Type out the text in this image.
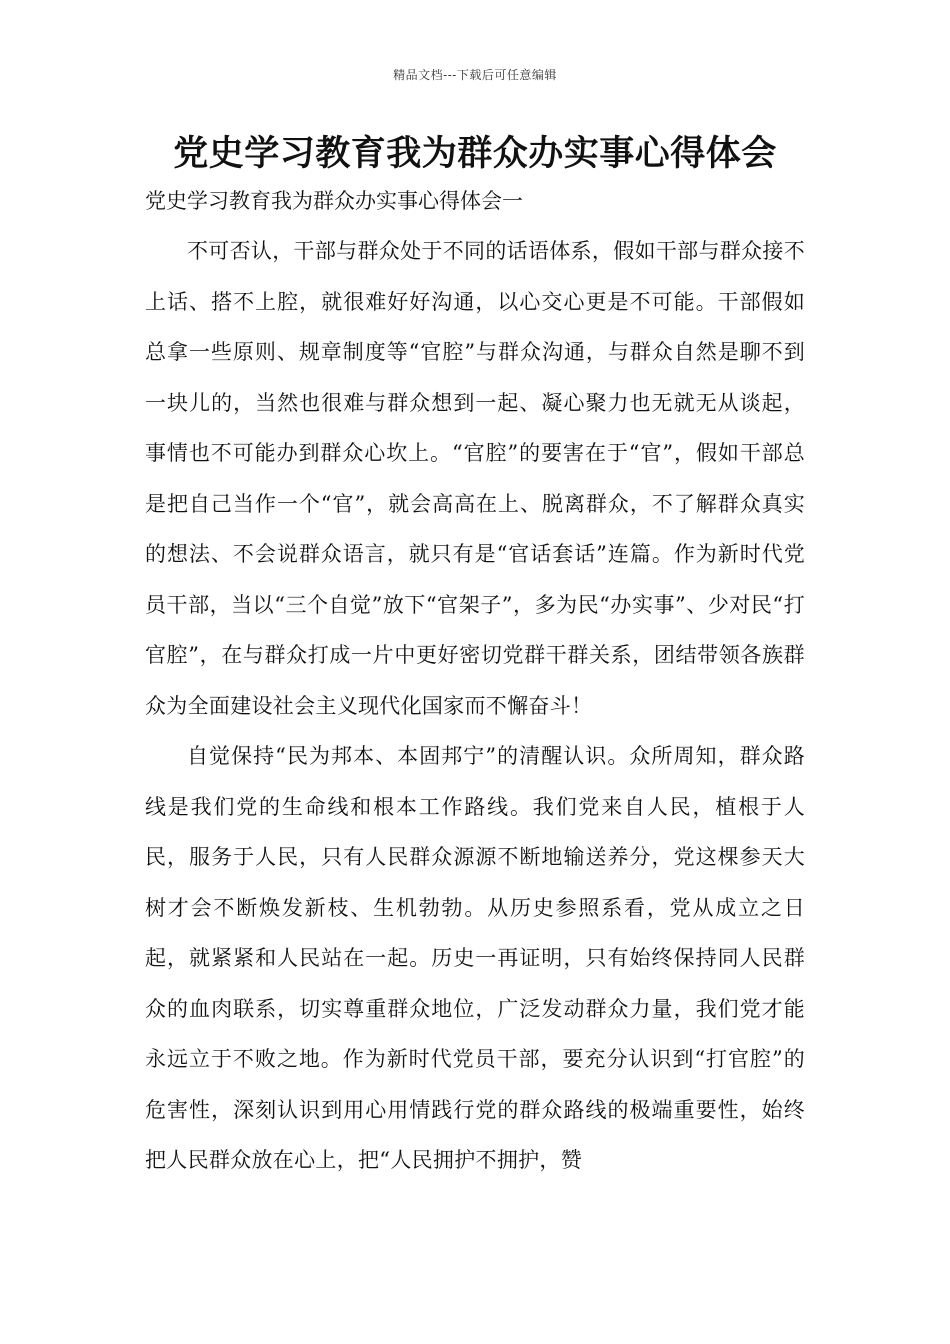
精品文档---下载后可任意编辑
党史学习教育我为群众办实事心得体会

党史学习教育我为群众办实事心得体会一

不可否认，干部与群众处于不同的话语体系，假如干部与群众接不上话、搭不上腔，就很难好好沟通，以心交心更是不可能。干部假如总拿一些原则、规章制度等“官腔”与群众沟通，与群众自然是聊不到一块儿的，当然也很难与群众想到一起、凝心聚力也无就无从谈起，事情也不可能办到群众心坎上。“官腔”的要害在于“官”，假如干部总是把自己当作一个“官”，就会高高在上、脱离群众，不了解群众真实的想法、不会说群众语言，就只有是“官话套话”连篇。作为新时代党员干部，当以“三个自觉”放下“官架子”，多为民“办实事”、少对民“打官腔”，在与群众打成一片中更好密切党群干群关系，团结带领各族群众为全面建设社会主义现代化国家而不懈奋斗！

自觉保持“民为邦本、本固邦宁”的清醒认识。众所周知，群众路线是我们党的生命线和根本工作路线。我们党来自人民，植根于人民，服务于人民，只有人民群众源源不断地输送养分，党这棵参天大树才会不断焕发新枝、生机勃勃。从历史参照系看，党从成立之日起，就紧紧和人民站在一起。历史一再证明，只有始终保持同人民群众的血肉联系，切实尊重群众地位，广泛发动群众力量，我们党才能永远立于不败之地。作为新时代党员干部，要充分认识到“打官腔”的危害性，深刻认识到用心用情践行党的群众路线的极端重要性，始终把人民群众放在心上，把“人民拥护不拥护，赞
